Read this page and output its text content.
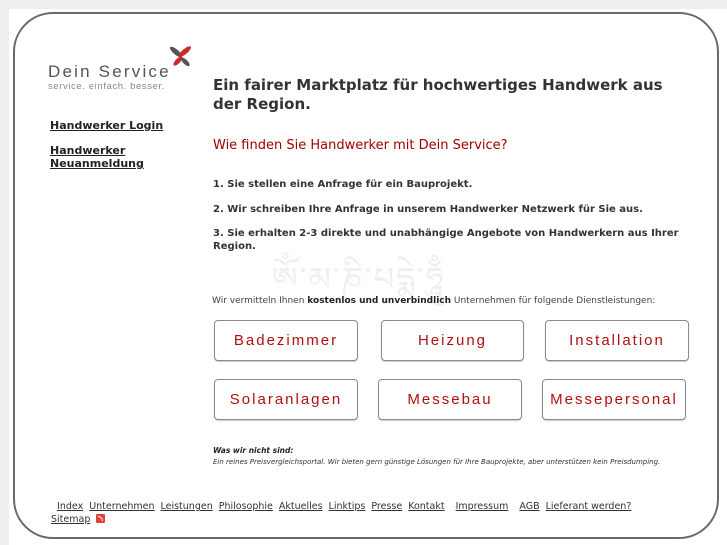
Dein Service
service. einfach. besser.
Handwerker Login
Handwerker Neuanmeldung
Ein fairer Marktplatz für hochwertiges Handwerk aus der Region.
Wie finden Sie Handwerker mit Dein Service?
ཨོཾ་མ་ཎི་པདྨེ་ཧཱུྃ
1. Sie stellen eine Anfrage für ein Bauprojekt.
2. Wir schreiben Ihre Anfrage in unserem Handwerker Netzwerk für Sie aus.
3. Sie erhalten 2-3 direkte und unabhängige Angebote von Handwerkern aus Ihrer Region.
Wir vermitteln Ihnen kostenlos und unverbindlich Unternehmen für folgende Dienstleistungen:
Badezimmer	Heizung	Installation
Solaranlagen	Messebau	Messepersonal
Was wir nicht sind:
Ein reines Preisvergleichsportal. Wir bieten gern günstige Lösungen für Ihre Bauprojekte, aber unterstützen kein Preisdumping.
Index Unternehmen Leistungen Philosophie Aktuelles Linktips Presse Kontakt Impressum AGB Lieferant werden?
Sitemap
